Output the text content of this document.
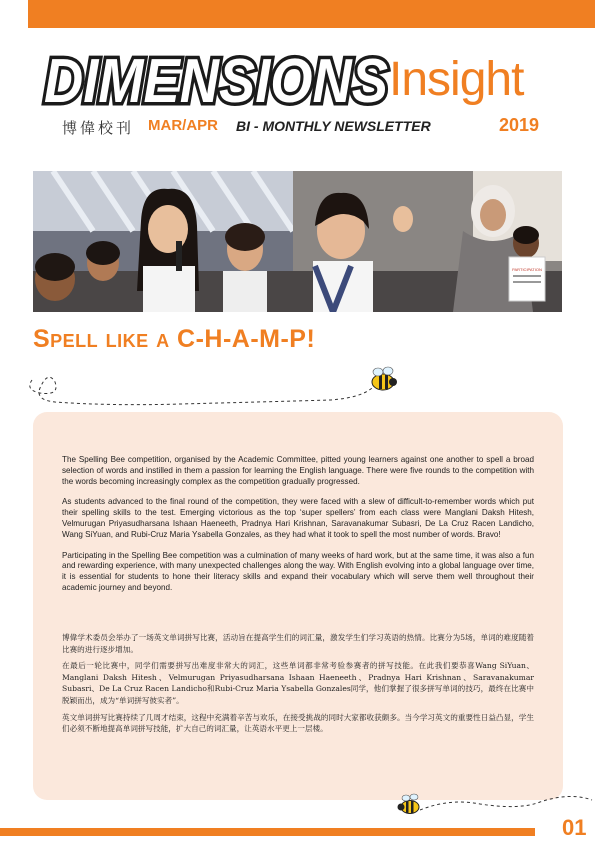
DIMENSIONS Insight
博偉校刊 MAR/APR BI - MONTHLY NEWSLETTER	2019
PARTICIPATION
Spell like a C-H-A-M-P!

The Spelling Bee competition, organised by the Academic Committee, pitted young learners against one another to spell a broad selection of words and instilled in them a passion for learning the English language. There were five rounds to the competition with the words becoming increasingly complex as the competition gradually progressed.

As students advanced to the final round of the competition, they were faced with a slew of difficult-to-remember words which put their spelling skills to the test. Emerging victorious as the top ‘super spellers’ from each class were Manglani Daksh Hitesh, Velmurugan Priyasudharsana Ishaan Haeneeth, Pradnya Hari Krishnan, Saravanakumar Subasri, De La Cruz Racen Landicho, Wang SiYuan, and Rubi-Cruz Maria Ysabella Gonzales, as they had what it took to spell the most number of words. Bravo!

Participating in the Spelling Bee competition was a culmination of many weeks of hard work, but at the same time, it was also a fun and rewarding experience, with many unexpected challenges along the way. With English evolving into a global language over time, it is essential for students to hone their literacy skills and expand their vocabulary which will serve them well throughout their academic journey and beyond.

博偉学术委员会举办了一场英文单词拼写比赛，活动旨在提高学生们的词汇量，激发学生们学习英语的热情。比赛分为5场，单词的难度随着比赛的进行逐步增加。

在最后一轮比赛中，同学们需要拼写出难度非常大的词汇，这些单词都非常考验参赛者的拼写技能。在此我们要恭喜Wang SiYuan、Manglani Daksh Hitesh、Velmurugan Priyasudharsana Ishaan Haeneeth、Pradnya Hari Krishnan、Saravanakumar Subasri、De La Cruz Racen Landicho和Rubi-Cruz Maria Ysabella Gonzales同学，他们掌握了很多拼写单词的技巧，最终在比赛中脱颖而出，成为“单词拼写彼实者”。

英文单词拼写比赛持续了几周才结束，这程中充满着辛苦与欢乐，在接受挑战的同时大家都收获颇多。当今学习英文的重要性日益凸显，学生们必须不断地提高单词拼写技能，扩大自己的词汇量，让英语水平更上一层楼。

01
